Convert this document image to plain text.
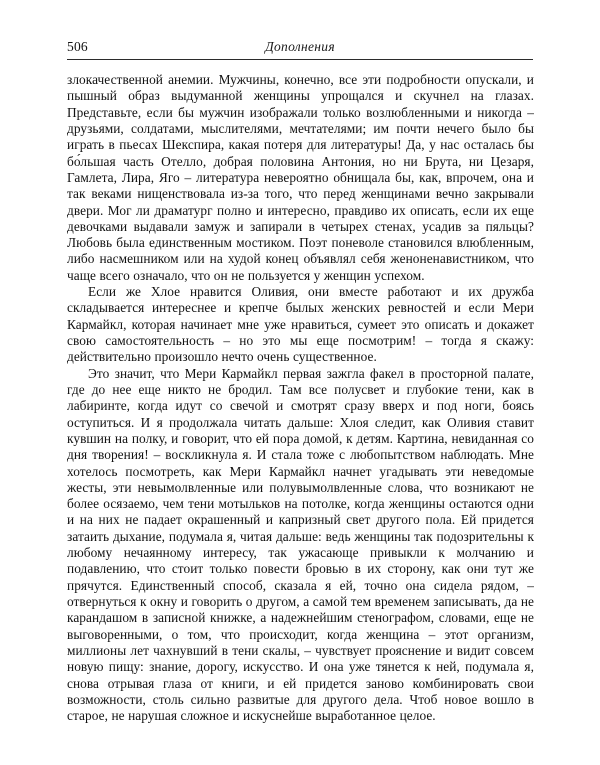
506	Дополнения

злокачественной анемии. Мужчины, конечно, все эти подробности опускали, и пышный образ выдуманной женщины упрощался и скучнел на глазах. Представьте, если бы мужчин изображали только возлюбленными и никогда – друзьями, солдатами, мыслителями, мечтателями; им почти нечего было бы играть в пьесах Шекспира, какая потеря для литературы! Да, у нас осталась бы бо́льшая часть Отелло, добрая половина Антония, но ни Брута, ни Цезаря, Гамлета, Лира, Яго – литература невероятно обнищала бы, как, впрочем, она и так веками нищенствовала из-за того, что перед женщинами вечно закрывали двери. Мог ли драматург полно и интересно, правдиво их описать, если их еще девочками выдавали замуж и запирали в четырех стенах, усадив за пяльцы? Любовь была единственным мостиком. Поэт поневоле становился влюбленным, либо насмешником или на худой конец объявлял себя женоненавистником, что чаще всего означало, что он не пользуется у женщин успехом.

Если же Хлое нравится Оливия, они вместе работают и их дружба складывается интереснее и крепче былых женских ревностей и если Мери Кармайкл, которая начинает мне уже нравиться, сумеет это описать и докажет свою самостоятельность – но это мы еще посмотрим! – тогда я скажу: действительно произошло нечто очень существенное.

Это значит, что Мери Кармайкл первая зажгла факел в просторной палате, где до нее еще никто не бродил. Там все полусвет и глубокие тени, как в лабиринте, когда идут со свечой и смотрят сразу вверх и под ноги, боясь оступиться. И я продолжала читать дальше: Хлоя следит, как Оливия ставит кувшин на полку, и говорит, что ей пора домой, к детям. Картина, невиданная со дня творения! – воскликнула я. И стала тоже с любопытством наблюдать. Мне хотелось посмотреть, как Мери Кармайкл начнет угадывать эти неведомые жесты, эти невымолвленные или полувымолвленные слова, что возникают не более осязаемо, чем тени мотыльков на потолке, когда женщины остаются одни и на них не падает окрашенный и капризный свет другого пола. Ей придется затаить дыхание, подумала я, читая дальше: ведь женщины так подозрительны к любому нечаянному интересу, так ужасающе привыкли к молчанию и подавлению, что стоит только повести бровью в их сторону, как они тут же прячутся. Единственный способ, сказала я ей, точно она сидела рядом, – отвернуться к окну и говорить о другом, а самой тем временем записывать, да не карандашом в записной книжке, а надежнейшим стенографом, словами, еще не выговоренными, о том, что происходит, когда женщина – этот организм, миллионы лет чахнувший в тени скалы, – чувствует прояснение и видит совсем новую пищу: знание, дорогу, искусство. И она уже тянется к ней, подумала я, снова отрывая глаза от книги, и ей придется заново комбинировать свои возможности, столь сильно развитые для другого дела. Чтоб новое вошло в старое, не нарушая сложное и искуснейше выработанное целое.
